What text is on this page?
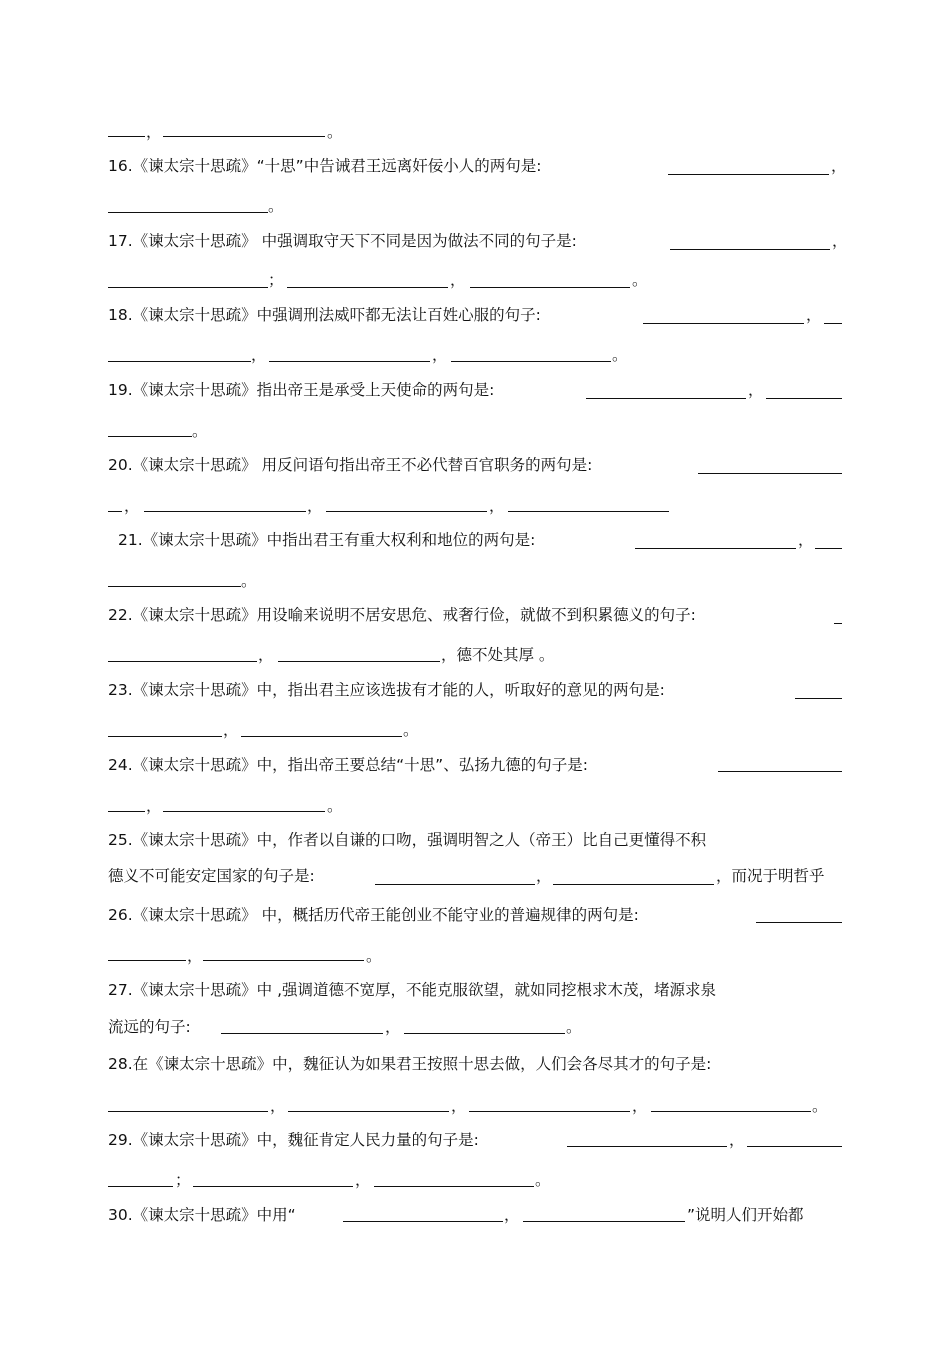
，	。
16.《谏太宗十思疏》“十思”中告诫君王远离奸佞小人的两句是:	，
。
17.《谏太宗十思疏》 中强调取守天下不同是因为做法不同的句子是:	，
；	，	。
18.《谏太宗十思疏》中强调刑法威吓都无法让百姓心服的句子:	，
，	，	。
19.《谏太宗十思疏》指出帝王是承受上天使命的两句是:	，
。
20.《谏太宗十思疏》 用反问语句指出帝王不必代替百官职务的两句是:
，	，	，
21.《谏太宗十思疏》中指出君王有重大权利和地位的两句是:	，
。
22.《谏太宗十思疏》用设喻来说明不居安思危、戒奢行俭，就做不到积累德义的句子:
，	，德不处其厚 。
23.《谏太宗十思疏》中，指出君主应该选拔有才能的人，听取好的意见的两句是:
，	。
24.《谏太宗十思疏》中，指出帝王要总结“十思”、弘扬九德的句子是:
，	。
25.《谏太宗十思疏》中，作者以自谦的口吻，强调明智之人（帝王）比自己更懂得不积
德义不可能安定国家的句子是:	，	，而况于明哲乎
26.《谏太宗十思疏》 中，概括历代帝王能创业不能守业的普遍规律的两句是:
，	。
27.《谏太宗十思疏》中 ,强调道德不宽厚，不能克服欲望，就如同挖根求木茂，堵源求泉
流远的句子:	，	。
28.在《谏太宗十思疏》中，魏征认为如果君王按照十思去做，人们会各尽其才的句子是:
，	，	，	。
29.《谏太宗十思疏》中，魏征肯定人民力量的句子是:	，
；	，	。
30.《谏太宗十思疏》中用“	，	”说明人们开始都
